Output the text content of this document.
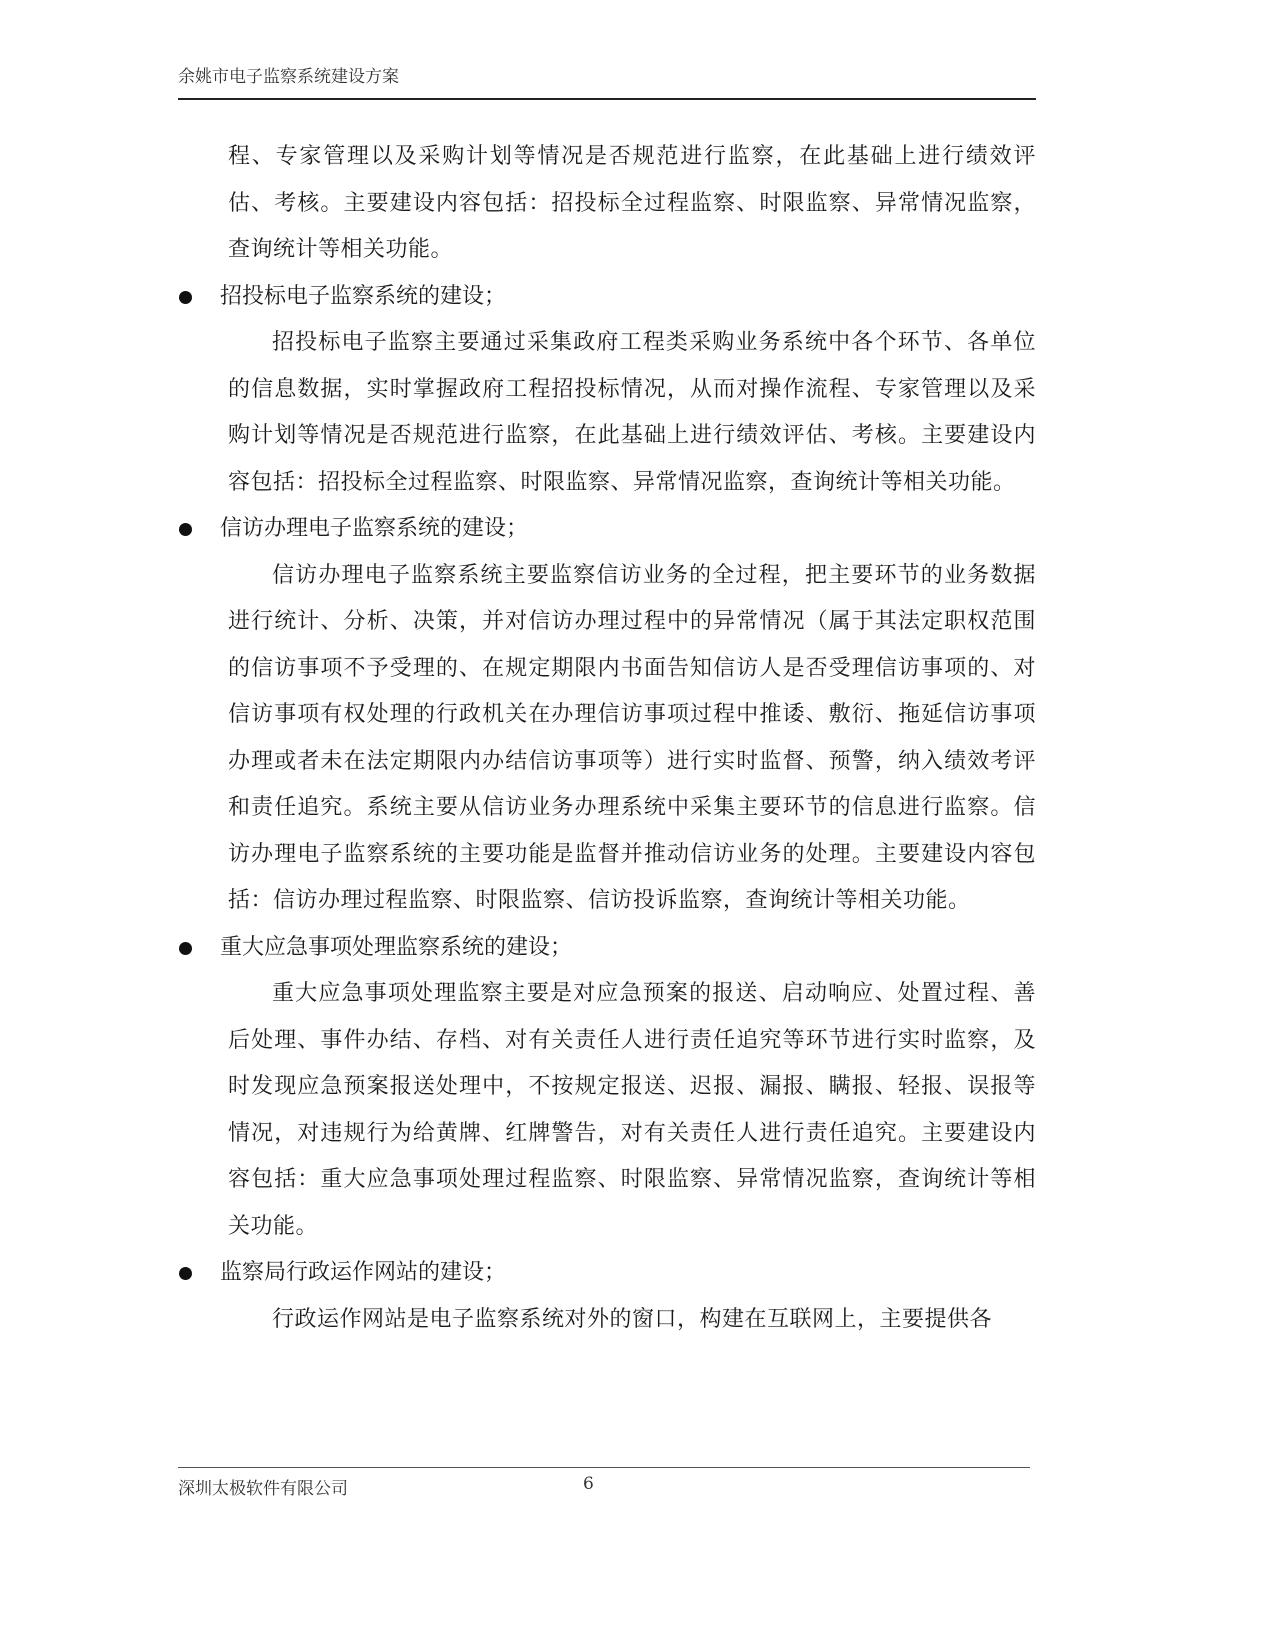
余姚市电子监察系统建设方案

程、专家管理以及采购计划等情况是否规范进行监察，在此基础上进行绩效评估、考核。主要建设内容包括：招投标全过程监察、时限监察、异常情况监察，查询统计等相关功能。

招投标电子监察系统的建设；

招投标电子监察主要通过采集政府工程类采购业务系统中各个环节、各单位的信息数据，实时掌握政府工程招投标情况，从而对操作流程、专家管理以及采购计划等情况是否规范进行监察，在此基础上进行绩效评估、考核。主要建设内容包括：招投标全过程监察、时限监察、异常情况监察，查询统计等相关功能。

信访办理电子监察系统的建设；

信访办理电子监察系统主要监察信访业务的全过程，把主要环节的业务数据进行统计、分析、决策，并对信访办理过程中的异常情况（属于其法定职权范围的信访事项不予受理的、在规定期限内书面告知信访人是否受理信访事项的、对信访事项有权处理的行政机关在办理信访事项过程中推诿、敷衍、拖延信访事项办理或者未在法定期限内办结信访事项等）进行实时监督、预警，纳入绩效考评和责任追究。系统主要从信访业务办理系统中采集主要环节的信息进行监察。信访办理电子监察系统的主要功能是监督并推动信访业务的处理。主要建设内容包括：信访办理过程监察、时限监察、信访投诉监察，查询统计等相关功能。

重大应急事项处理监察系统的建设；

重大应急事项处理监察主要是对应急预案的报送、启动响应、处置过程、善后处理、事件办结、存档、对有关责任人进行责任追究等环节进行实时监察，及时发现应急预案报送处理中，不按规定报送、迟报、漏报、瞒报、轻报、误报等情况，对违规行为给黄牌、红牌警告，对有关责任人进行责任追究。主要建设内容包括：重大应急事项处理过程监察、时限监察、异常情况监察，查询统计等相关功能。

监察局行政运作网站的建设；

行政运作网站是电子监察系统对外的窗口，构建在互联网上，主要提供各

深圳太极软件有限公司	6
